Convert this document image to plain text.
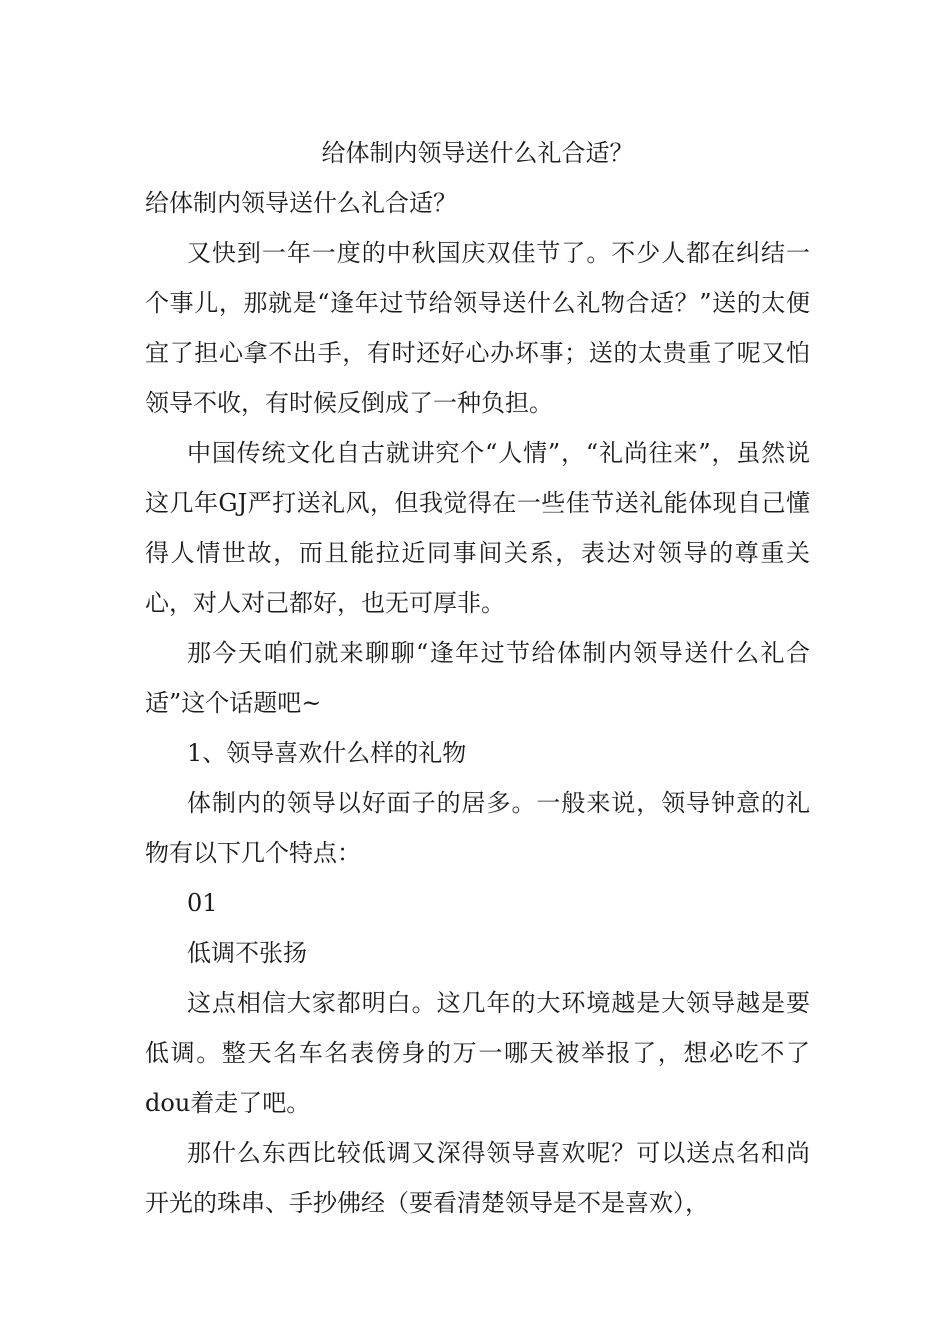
给体制内领导送什么礼合适？

给体制内领导送什么礼合适？

又快到一年一度的中秋国庆双佳节了。不少人都在纠结一个事儿，那就是“逢年过节给领导送什么礼物合适？”送的太便宜了担心拿不出手，有时还好心办坏事；送的太贵重了呢又怕领导不收，有时候反倒成了一种负担。

中国传统文化自古就讲究个“人情”，“礼尚往来”，虽然说这几年GJ严打送礼风，但我觉得在一些佳节送礼能体现自己懂得人情世故，而且能拉近同事间关系，表达对领导的尊重关心，对人对己都好，也无可厚非。

那今天咱们就来聊聊“逢年过节给体制内领导送什么礼合适”这个话题吧~

1、领导喜欢什么样的礼物

体制内的领导以好面子的居多。一般来说，领导钟意的礼物有以下几个特点：

01

低调不张扬

这点相信大家都明白。这几年的大环境越是大领导越是要低调。整天名车名表傍身的万一哪天被举报了，想必吃不了dou着走了吧。

那什么东西比较低调又深得领导喜欢呢？可以送点名和尚开光的珠串、手抄佛经（要看清楚领导是不是喜欢），
